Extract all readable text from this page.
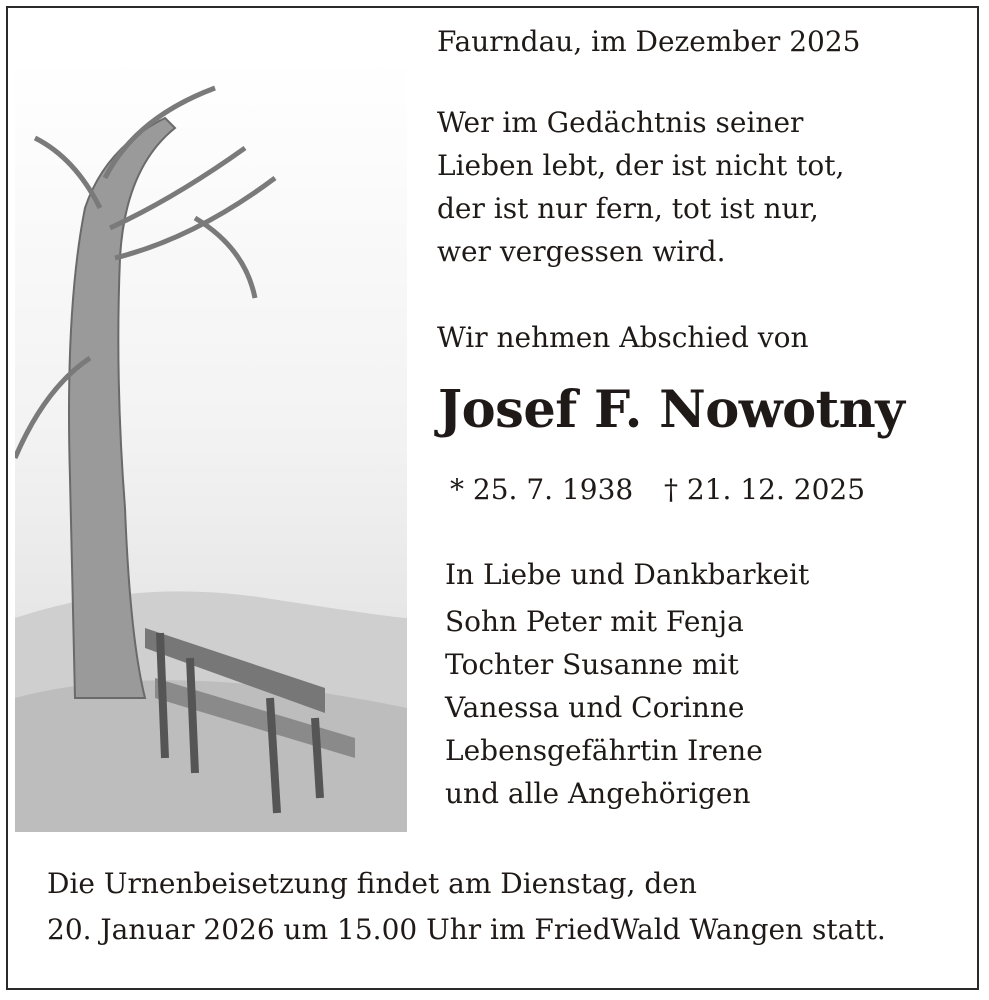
Faurndau, im Dezember 2025
Wer im Gedächtnis seiner
Lieben lebt, der ist nicht tot,
der ist nur fern, tot ist nur,
wer vergessen wird.
Wir nehmen Abschied von
Josef F. Nowotny
* 25. 7. 1938 † 21. 12. 2025
In Liebe und Dankbarkeit
Sohn Peter mit Fenja
Tochter Susanne mit
Vanessa und Corinne
Lebensgefährtin Irene
und alle Angehörigen
Die Urnenbeisetzung findet am Dienstag, den
20. Januar 2026 um 15.00 Uhr im FriedWald Wangen statt.
